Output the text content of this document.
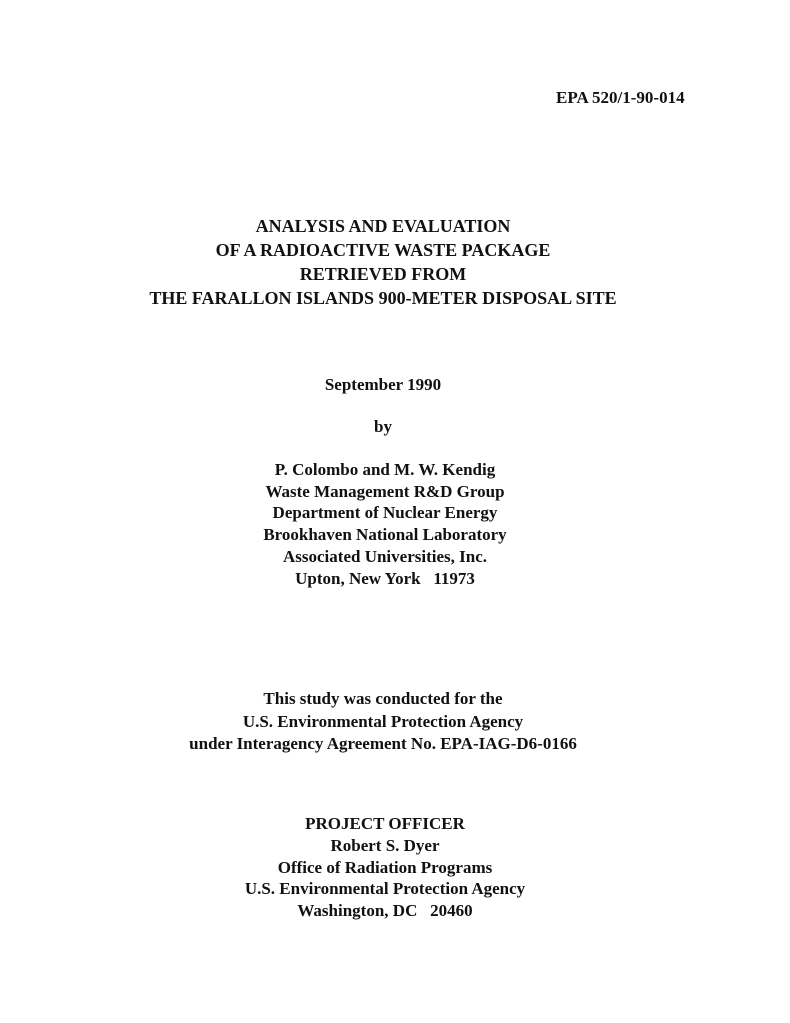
EPA 520/1-90-014
ANALYSIS AND EVALUATION
OF A RADIOACTIVE WASTE PACKAGE
RETRIEVED FROM
THE FARALLON ISLANDS 900-METER DISPOSAL SITE
September 1990
by
P. Colombo and M. W. Kendig
Waste Management R&D Group
Department of Nuclear Energy
Brookhaven National Laboratory
Associated Universities, Inc.
Upton, New York   11973
This study was conducted for the
U.S. Environmental Protection Agency
under Interagency Agreement No. EPA-IAG-D6-0166
PROJECT OFFICER
Robert S. Dyer
Office of Radiation Programs
U.S. Environmental Protection Agency
Washington, DC   20460
